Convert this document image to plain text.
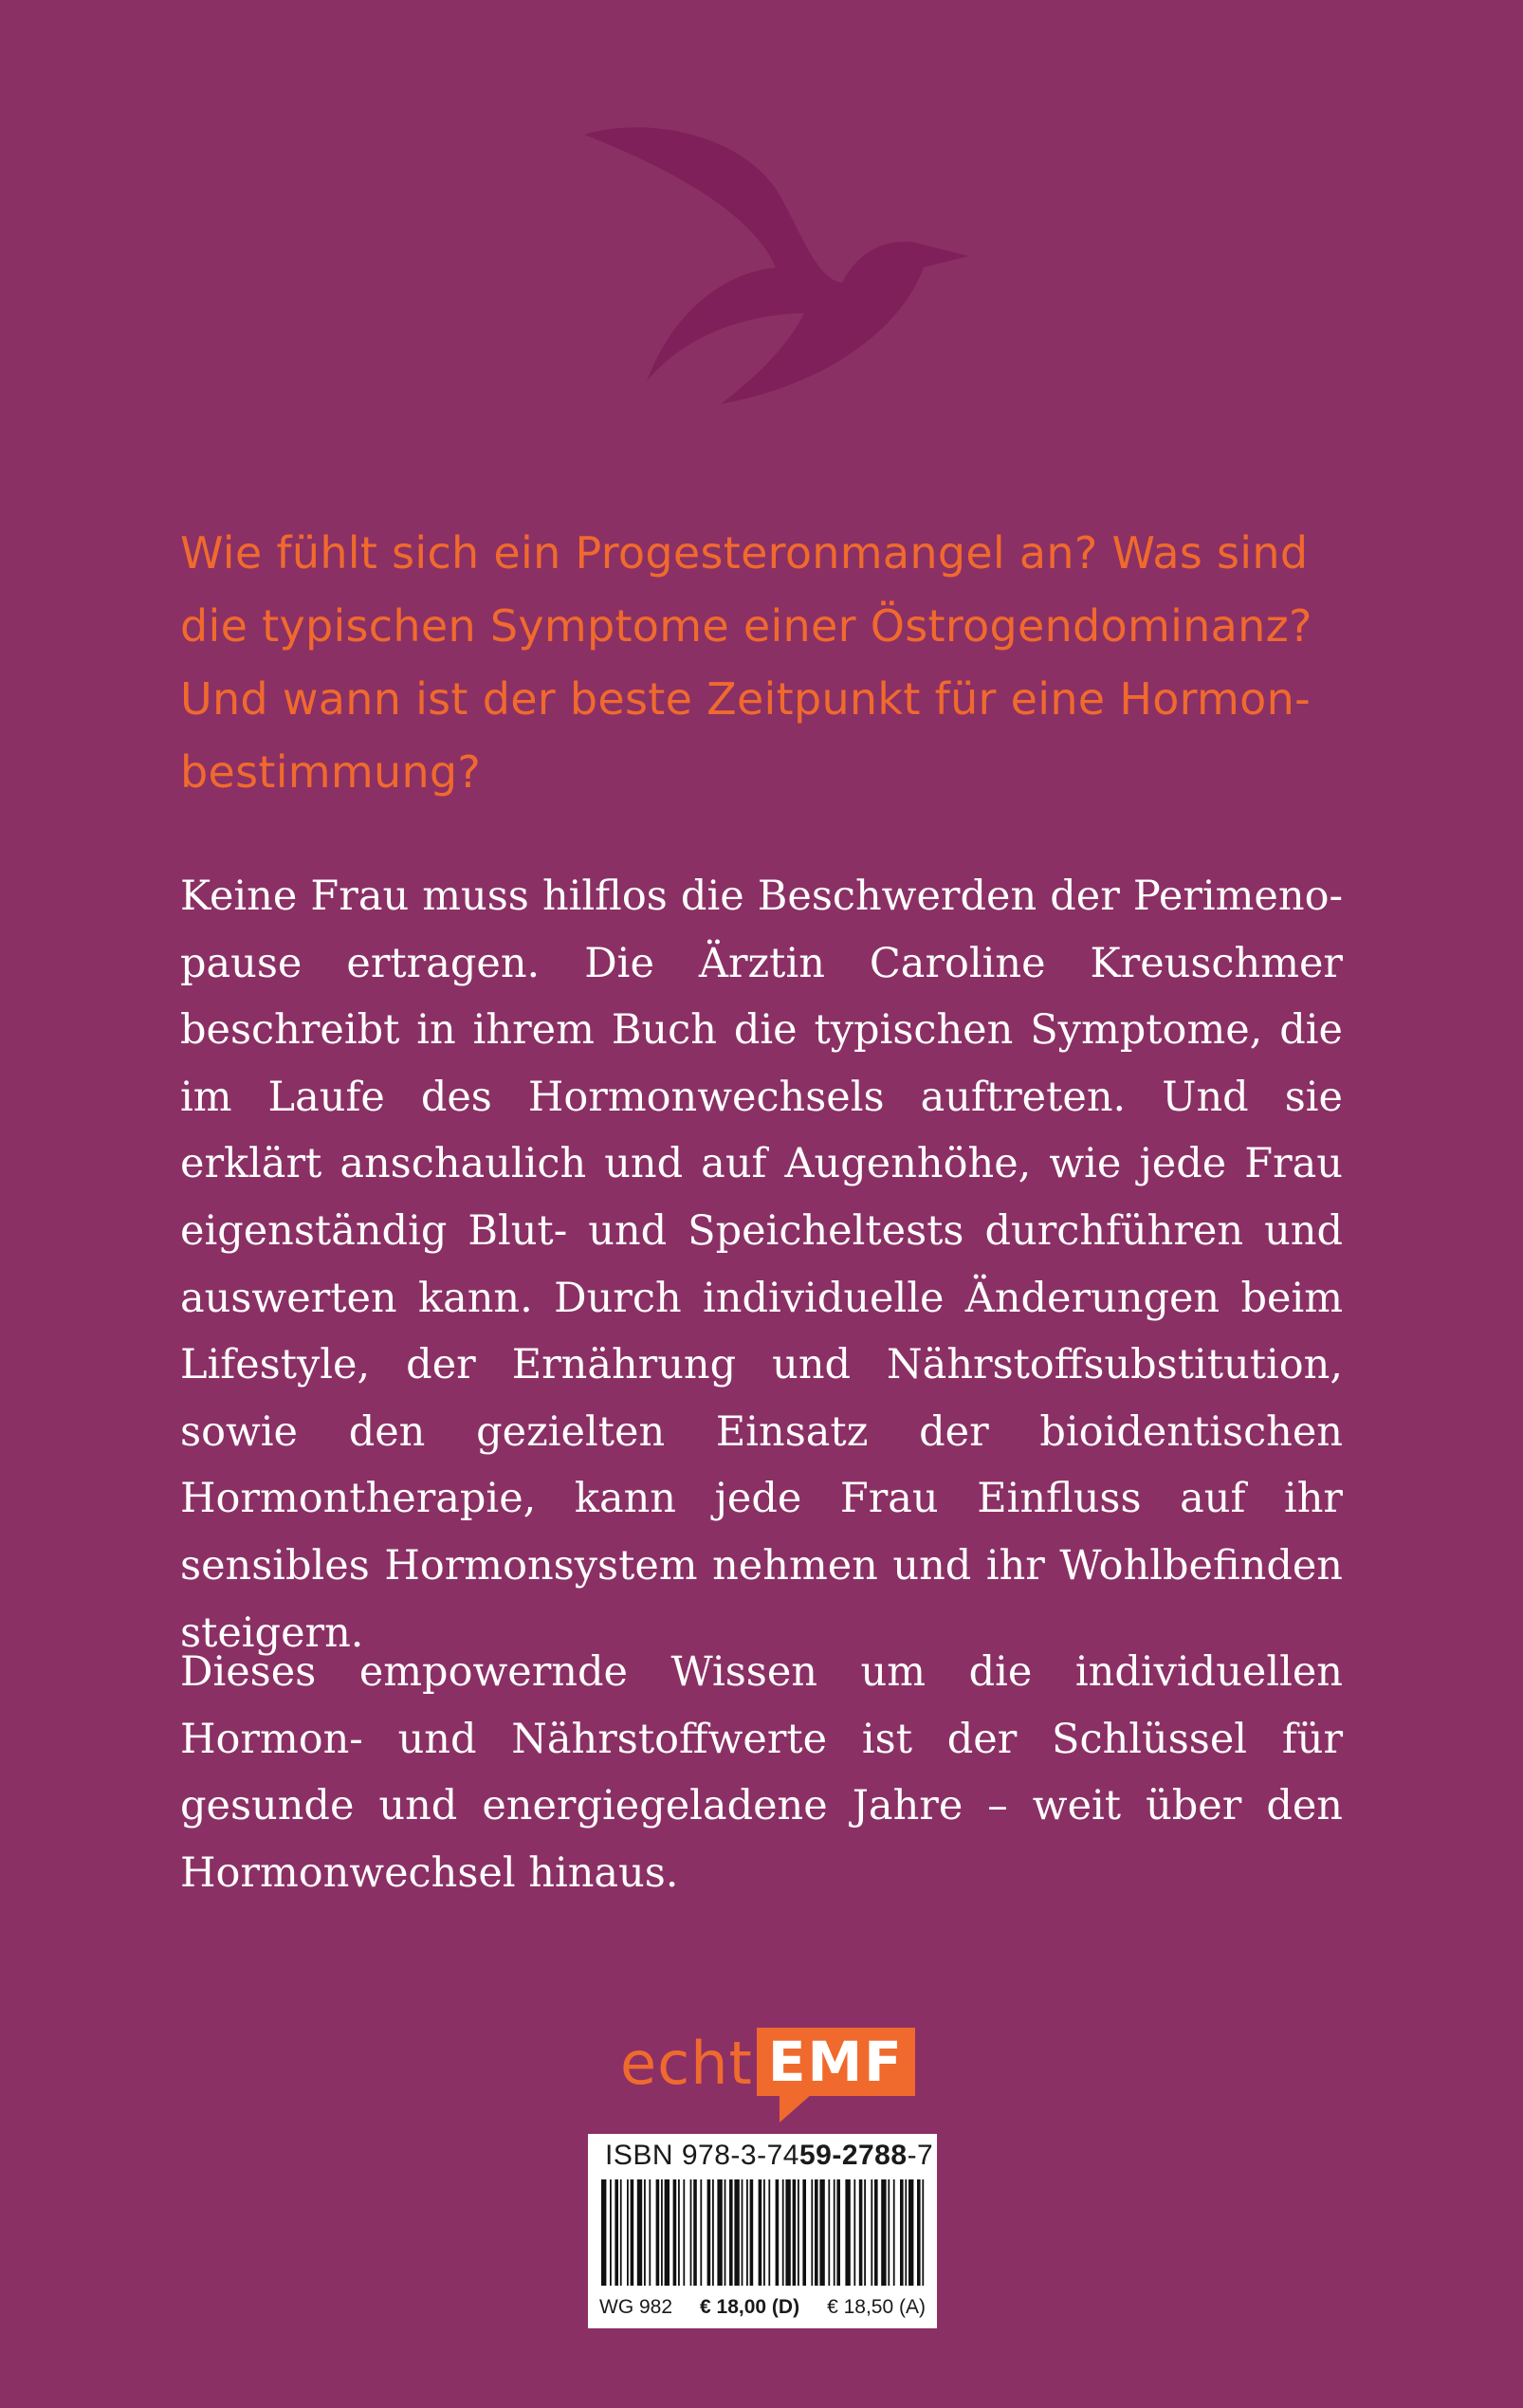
Wie fühlt sich ein Progesteronmangel an? Was sind die typischen Symptome einer Östrogendominanz? Und wann ist der beste Zeitpunkt für eine Hormonbestimmung?

Keine Frau muss hilflos die Beschwerden der Perimenopause ertragen. Die Ärztin Caroline Kreuschmer beschreibt in ihrem Buch die typischen Symptome, die im Laufe des Hormonwechsels auftreten. Und sie erklärt anschaulich und auf Augenhöhe, wie jede Frau eigenständig Blut- und Speicheltests durchführen und auswerten kann. Durch individuelle Änderungen beim Lifestyle, der Ernährung und Nährstoffsubstitution, sowie den gezielten Einsatz der bioidentischen Hormontherapie, kann jede Frau Einfluss auf ihr sensibles Hormonsystem nehmen und ihr Wohlbefinden steigern.

Dieses empowernde Wissen um die individuellen Hormon- und Nährstoffwerte ist der Schlüssel für gesunde und energiegeladene Jahre – weit über den Hormonwechsel hinaus.

echt EMF
ISBN 978-3-7459-2788-7
WG 982 € 18,00 (D) € 18,50 (A)
